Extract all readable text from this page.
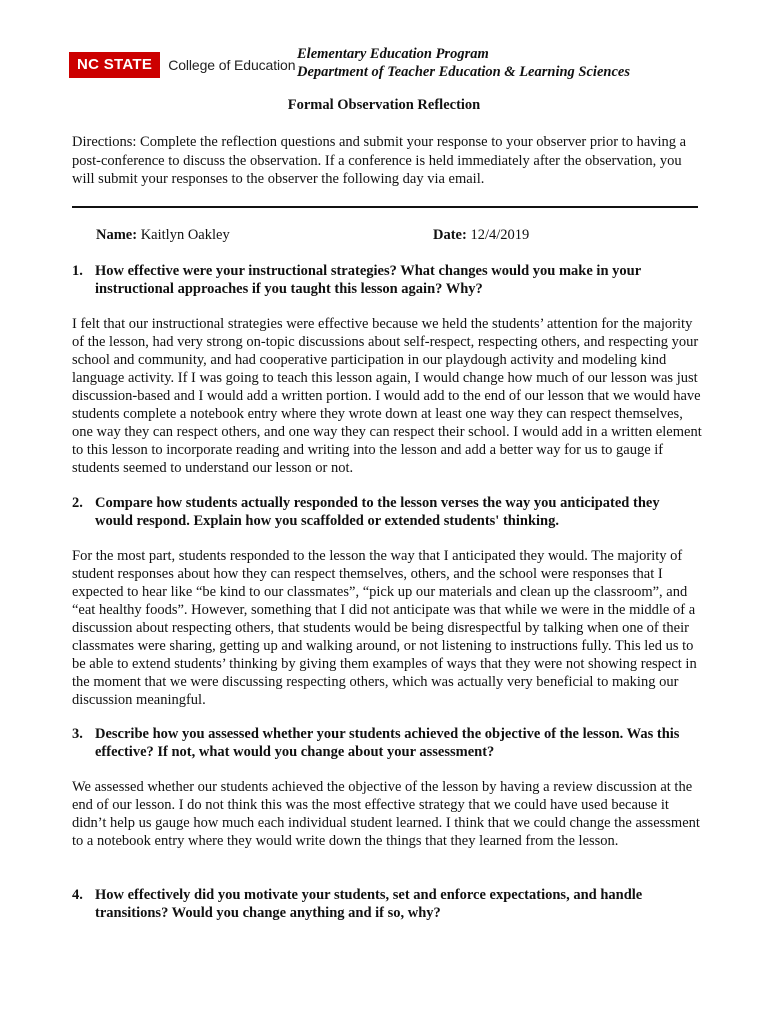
NC STATE	College of Education
Elementary Education Program
Department of Teacher Education & Learning Sciences
Formal Observation Reflection
Directions: Complete the reflection questions and submit your response to your observer prior to having a post-conference to discuss the observation. If a conference is held immediately after the observation, you will submit your responses to the observer the following day via email.
Name: Kaitlyn Oakley	Date: 12/4/2019
1. How effective were your instructional strategies? What changes would you make in your instructional approaches if you taught this lesson again? Why?
I felt that our instructional strategies were effective because we held the students’ attention for the majority of the lesson, had very strong on-topic discussions about self-respect, respecting others, and respecting your school and community, and had cooperative participation in our playdough activity and modeling kind language activity. If I was going to teach this lesson again, I would change how much of our lesson was just discussion-based and I would add a written portion. I would add to the end of our lesson that we would have students complete a notebook entry where they wrote down at least one way they can respect themselves, one way they can respect others, and one way they can respect their school. I would add in a written element to this lesson to incorporate reading and writing into the lesson and add a better way for us to gauge if students seemed to understand our lesson or not.
2. Compare how students actually responded to the lesson verses the way you anticipated they would respond. Explain how you scaffolded or extended students' thinking.
For the most part, students responded to the lesson the way that I anticipated they would. The majority of student responses about how they can respect themselves, others, and the school were responses that I expected to hear like “be kind to our classmates”, “pick up our materials and clean up the classroom”, and “eat healthy foods”. However, something that I did not anticipate was that while we were in the middle of a discussion about respecting others, that students would be being disrespectful by talking when one of their classmates were sharing, getting up and walking around, or not listening to instructions fully. This led us to be able to extend students’ thinking by giving them examples of ways that they were not showing respect in the moment that we were discussing respecting others, which was actually very beneficial to making our discussion meaningful.
3. Describe how you assessed whether your students achieved the objective of the lesson. Was this effective? If not, what would you change about your assessment?
We assessed whether our students achieved the objective of the lesson by having a review discussion at the end of our lesson. I do not think this was the most effective strategy that we could have used because it didn’t help us gauge how much each individual student learned. I think that we could change the assessment to a notebook entry where they would write down the things that they learned from the lesson.
4. How effectively did you motivate your students, set and enforce expectations, and handle transitions? Would you change anything and if so, why?
